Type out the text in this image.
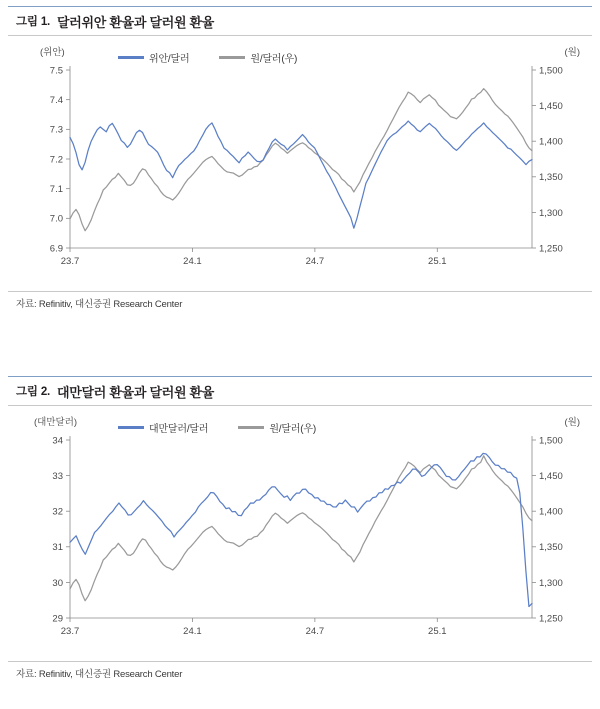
그림 1. 달러위안 환율과 달러원 환율
(위안)	(원)
위안/달러	원/달러(우)
6.9
7.0
7.1
7.2
7.3
7.4
7.5
1,250
1,300
1,350
1,400
1,450
1,500
23.7	24.1	24.7	25.1
자료: Refinitiv, 대신증권 Research Center
그림 2. 대만달러 환율과 달러원 환율
(대만달러)	(원)
대만달러/달러	원/달러(우)
29
30
31
32
33
34
1,250
1,300
1,350
1,400
1,450
1,500
23.7	24.1	24.7	25.1
자료: Refinitiv, 대신증권 Research Center
